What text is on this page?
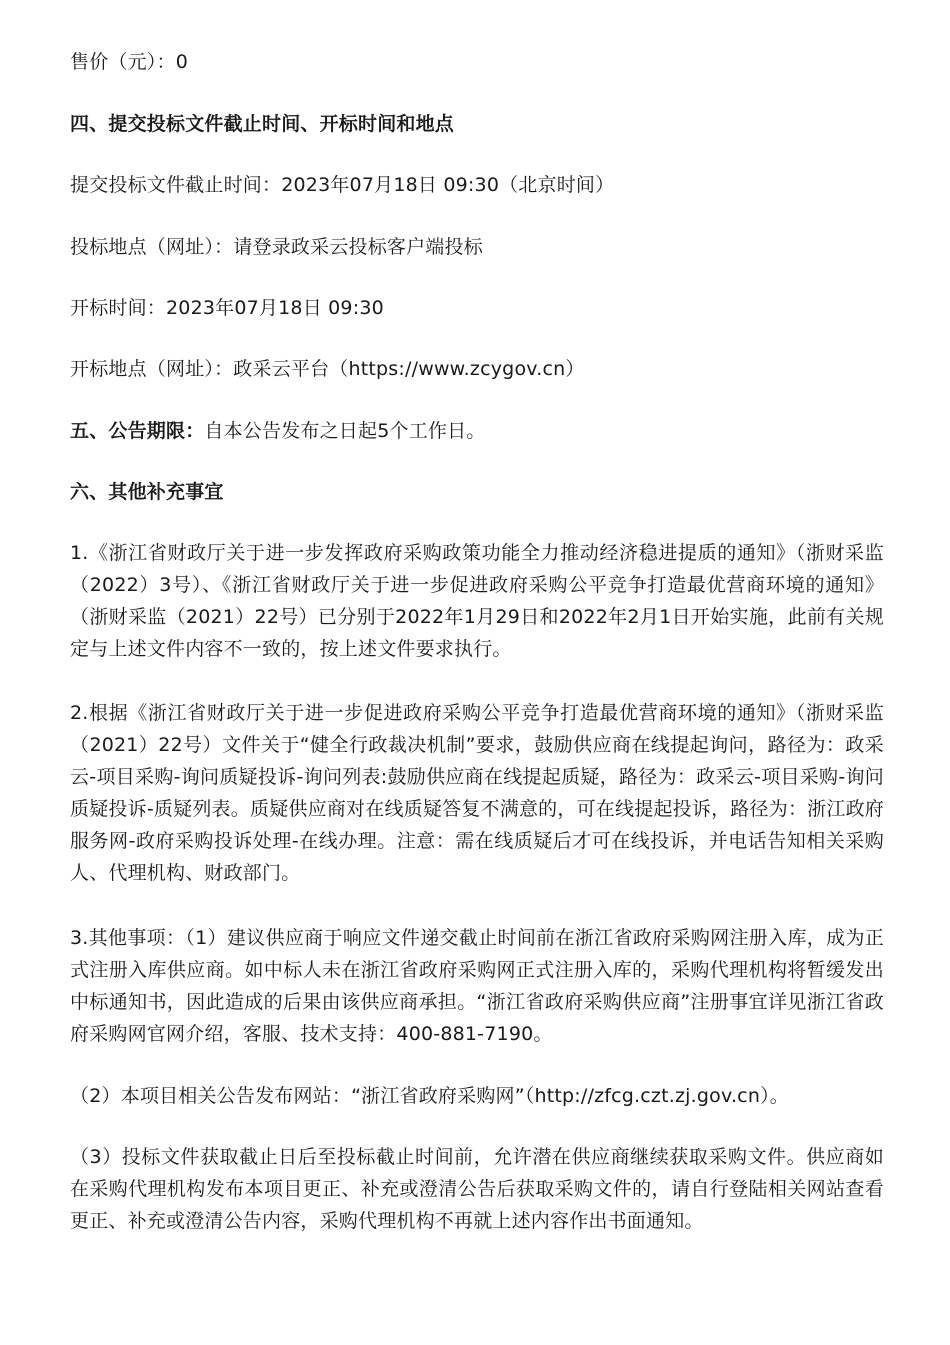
售价（元）：0
四、提交投标文件截止时间、开标时间和地点
提交投标文件截止时间：2023年07月18日 09:30（北京时间）
投标地点（网址）：请登录政采云投标客户端投标
开标时间：2023年07月18日 09:30
开标地点（网址）：政采云平台（https://www.zcygov.cn）
五、公告期限：自本公告发布之日起5个工作日。
六、其他补充事宜
1.《浙江省财政厅关于进一步发挥政府采购政策功能全力推动经济稳进提质的通知》（浙财采监（2022）3号）、《浙江省财政厅关于进一步促进政府采购公平竞争打造最优营商环境的通知》（浙财采监（2021）22号）已分别于2022年1月29日和2022年2月1日开始实施，此前有关规定与上述文件内容不一致的，按上述文件要求执行。
2.根据《浙江省财政厅关于进一步促进政府采购公平竞争打造最优营商环境的通知》（浙财采监（2021）22号）文件关于“健全行政裁决机制”要求，鼓励供应商在线提起询问，路径为：政采云-项目采购-询问质疑投诉-询问列表:鼓励供应商在线提起质疑，路径为：政采云-项目采购-询问质疑投诉-质疑列表。质疑供应商对在线质疑答复不满意的，可在线提起投诉，路径为：浙江政府服务网-政府采购投诉处理-在线办理。注意：需在线质疑后才可在线投诉，并电话告知相关采购人、代理机构、财政部门。
3.其他事项：（1）建议供应商于响应文件递交截止时间前在浙江省政府采购网注册入库，成为正式注册入库供应商。如中标人未在浙江省政府采购网正式注册入库的，采购代理机构将暂缓发出中标通知书，因此造成的后果由该供应商承担。“浙江省政府采购供应商”注册事宜详见浙江省政府采购网官网介绍，客服、技术支持：400-881-7190。
（2）本项目相关公告发布网站：“浙江省政府采购网”（http://zfcg.czt.zj.gov.cn）。
（3）投标文件获取截止日后至投标截止时间前，允许潜在供应商继续获取采购文件。供应商如在采购代理机构发布本项目更正、补充或澄清公告后获取采购文件的，请自行登陆相关网站查看更正、补充或澄清公告内容，采购代理机构不再就上述内容作出书面通知。
